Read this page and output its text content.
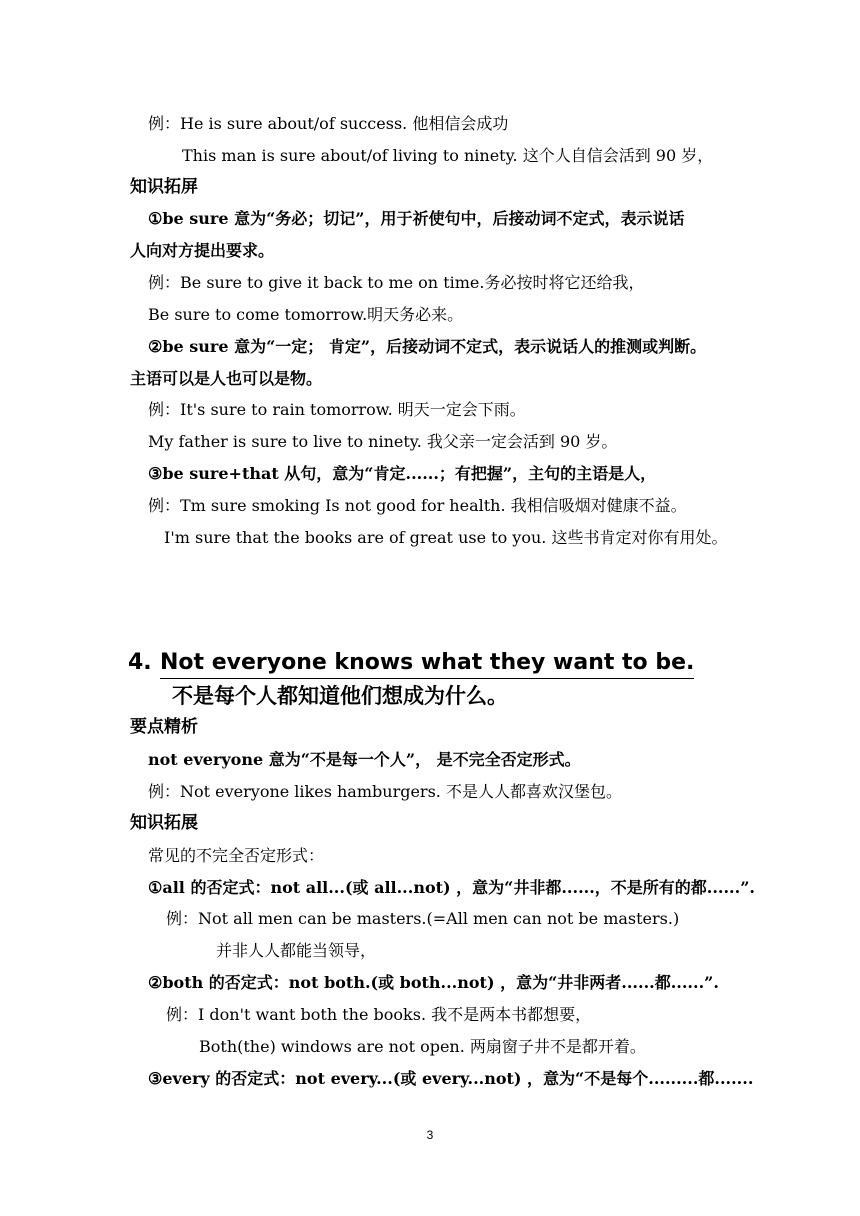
例：He is sure about/of success. 他相信会成功
This man is sure about/of living to ninety. 这个人自信会活到 90 岁，
知识拓屏
①be sure 意为“务必；切记”，用于祈使句中，后接动词不定式，表示说话
人向对方提出要求。
例：Be sure to give it back to me on time.务必按时将它还给我，
Be sure to come tomorrow.明天务必来。
②be sure 意为“一定； 肯定”，后接动词不定式，表示说话人的推测或判断。
主语可以是人也可以是物。
例：It's sure to rain tomorrow. 明天一定会下雨。
My father is sure to live to ninety. 我父亲一定会活到 90 岁。
③be sure+that 从句，意为“肯定......；有把握”，主句的主语是人，
例：Tm sure smoking Is not good for health. 我相信吸烟对健康不益。
I'm sure that the books are of great use to you. 这些书肯定对你有用处。
4. Not everyone knows what they want to be.
不是每个人都知道他们想成为什么。
要点精析
not everyone 意为“不是每一个人”， 是不完全否定形式。
例：Not everyone likes hamburgers. 不是人人都喜欢汉堡包。
知识拓展
常见的不完全否定形式：
①all 的否定式：not all...(或 all...not) ，意为“井非都......，不是所有的都......”.
例：Not all men can be masters.(=All men can not be masters.)
并非人人都能当领导，
②both 的否定式：not both.(或 both...not) ，意为“井非两者......都......”.
例：I don't want both the books. 我不是两本书都想要，
Both(the) windows are not open. 两扇窗子井不是都开着。
③every 的否定式：not every...(或 every...not) ，意为“不是每个.........都.......
3
